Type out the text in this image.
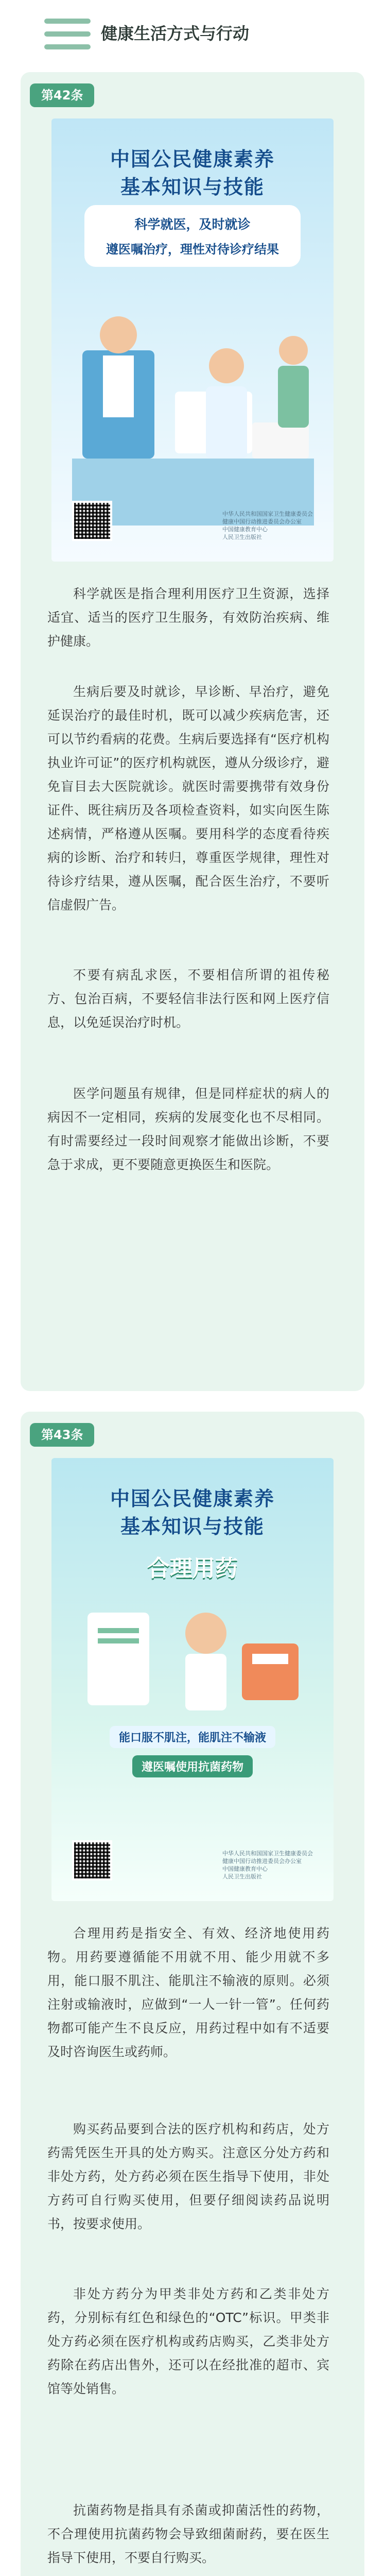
健康生活方式与行动
第42条
中国公民健康素养
基本知识与技能
科学就医，及时就诊
遵医嘱治疗，理性对待诊疗结果
中华人民共和国国家卫生健康委员会
健康中国行动推进委员会办公室
中国健康教育中心
人民卫生出版社
科学就医是指合理利用医疗卫生资源，选择适宜、适当的医疗卫生服务，有效防治疾病、维护健康。
生病后要及时就诊，早诊断、早治疗，避免延误治疗的最佳时机，既可以减少疾病危害，还可以节约看病的花费。生病后要选择有“医疗机构执业许可证”的医疗机构就医，遵从分级诊疗，避免盲目去大医院就诊。就医时需要携带有效身份证件、既往病历及各项检查资料，如实向医生陈述病情，严格遵从医嘱。要用科学的态度看待疾病的诊断、治疗和转归，尊重医学规律，理性对待诊疗结果，遵从医嘱，配合医生治疗，不要听信虚假广告。
不要有病乱求医，不要相信所谓的祖传秘方、包治百病，不要轻信非法行医和网上医疗信息，以免延误治疗时机。
医学问题虽有规律，但是同样症状的病人的病因不一定相同，疾病的发展变化也不尽相同。有时需要经过一段时间观察才能做出诊断，不要急于求成，更不要随意更换医生和医院。
第43条
中国公民健康素养
基本知识与技能
合理用药
能口服不肌注，能肌注不输液 遵医嘱使用抗菌药物
中华人民共和国国家卫生健康委员会
健康中国行动推进委员会办公室
中国健康教育中心
人民卫生出版社
合理用药是指安全、有效、经济地使用药物。用药要遵循能不用就不用、能少用就不多用，能口服不肌注、能肌注不输液的原则。必须注射或输液时，应做到“一人一针一管”。任何药物都可能产生不良反应，用药过程中如有不适要及时咨询医生或药师。
购买药品要到合法的医疗机构和药店，处方药需凭医生开具的处方购买。注意区分处方药和非处方药，处方药必须在医生指导下使用，非处方药可自行购买使用，但要仔细阅读药品说明书，按要求使用。
非处方药分为甲类非处方药和乙类非处方药，分别标有红色和绿色的“OTC”标识。甲类非处方药必须在医疗机构或药店购买，乙类非处方药除在药店出售外，还可以在经批准的超市、宾馆等处销售。
抗菌药物是指具有杀菌或抑菌活性的药物，不合理使用抗菌药物会导致细菌耐药，要在医生指导下使用，不要自行购买。
